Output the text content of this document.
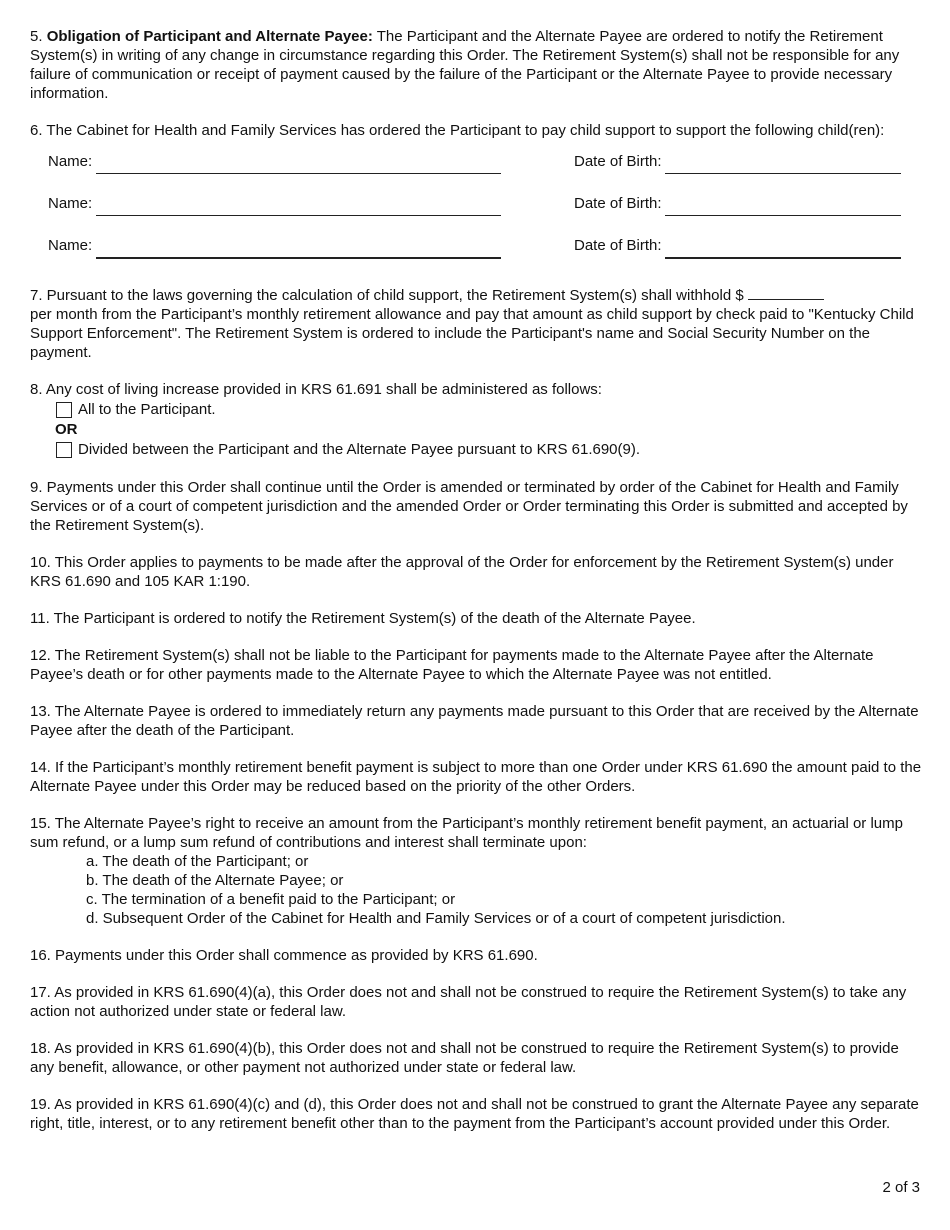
5. Obligation of Participant and Alternate Payee: The Participant and the Alternate Payee are ordered to notify the Retirement System(s) in writing of any change in circumstance regarding this Order. The Retirement System(s) shall not be responsible for any failure of communication or receipt of payment caused by the failure of the Participant or the Alternate Payee to provide necessary information.

6. The Cabinet for Health and Family Services has ordered the Participant to pay child support to support the following child(ren):

Name:	Date of Birth:
Name:	Date of Birth:
Name:	Date of Birth:

7. Pursuant to the laws governing the calculation of child support, the Retirement System(s) shall withhold $
per month from the Participant’s monthly retirement allowance and pay that amount as child support by check paid to "Kentucky Child Support Enforcement". The Retirement System is ordered to include the Participant's name and Social Security Number on the payment.

8. Any cost of living increase provided in KRS 61.691 shall be administered as follows:
All to the Participant.
OR
Divided between the Participant and the Alternate Payee pursuant to KRS 61.690(9).

9. Payments under this Order shall continue until the Order is amended or terminated by order of the Cabinet for Health and Family Services or of a court of competent jurisdiction and the amended Order or Order terminating this Order is submitted and accepted by the Retirement System(s).

10. This Order applies to payments to be made after the approval of the Order for enforcement by the Retirement System(s) under KRS 61.690 and 105 KAR 1:190.

11. The Participant is ordered to notify the Retirement System(s) of the death of the Alternate Payee.

12. The Retirement System(s) shall not be liable to the Participant for payments made to the Alternate Payee after the Alternate Payee’s death or for other payments made to the Alternate Payee to which the Alternate Payee was not entitled.

13. The Alternate Payee is ordered to immediately return any payments made pursuant to this Order that are received by the Alternate Payee after the death of the Participant.

14. If the Participant’s monthly retirement benefit payment is subject to more than one Order under KRS 61.690 the amount paid to the Alternate Payee under this Order may be reduced based on the priority of the other Orders.

15. The Alternate Payee’s right to receive an amount from the Participant’s monthly retirement benefit payment, an actuarial or lump sum refund, or a lump sum refund of contributions and interest shall terminate upon:
a. The death of the Participant; or
b. The death of the Alternate Payee; or
c. The termination of a benefit paid to the Participant; or
d. Subsequent Order of the Cabinet for Health and Family Services or of a court of competent jurisdiction.

16. Payments under this Order shall commence as provided by KRS 61.690.

17. As provided in KRS 61.690(4)(a), this Order does not and shall not be construed to require the Retirement System(s) to take any action not authorized under state or federal law.

18. As provided in KRS 61.690(4)(b), this Order does not and shall not be construed to require the Retirement System(s) to provide any benefit, allowance, or other payment not authorized under state or federal law.

19. As provided in KRS 61.690(4)(c) and (d), this Order does not and shall not be construed to grant the Alternate Payee any separate right, title, interest, or to any retirement benefit other than to the payment from the Participant’s account provided under this Order.

2 of 3
